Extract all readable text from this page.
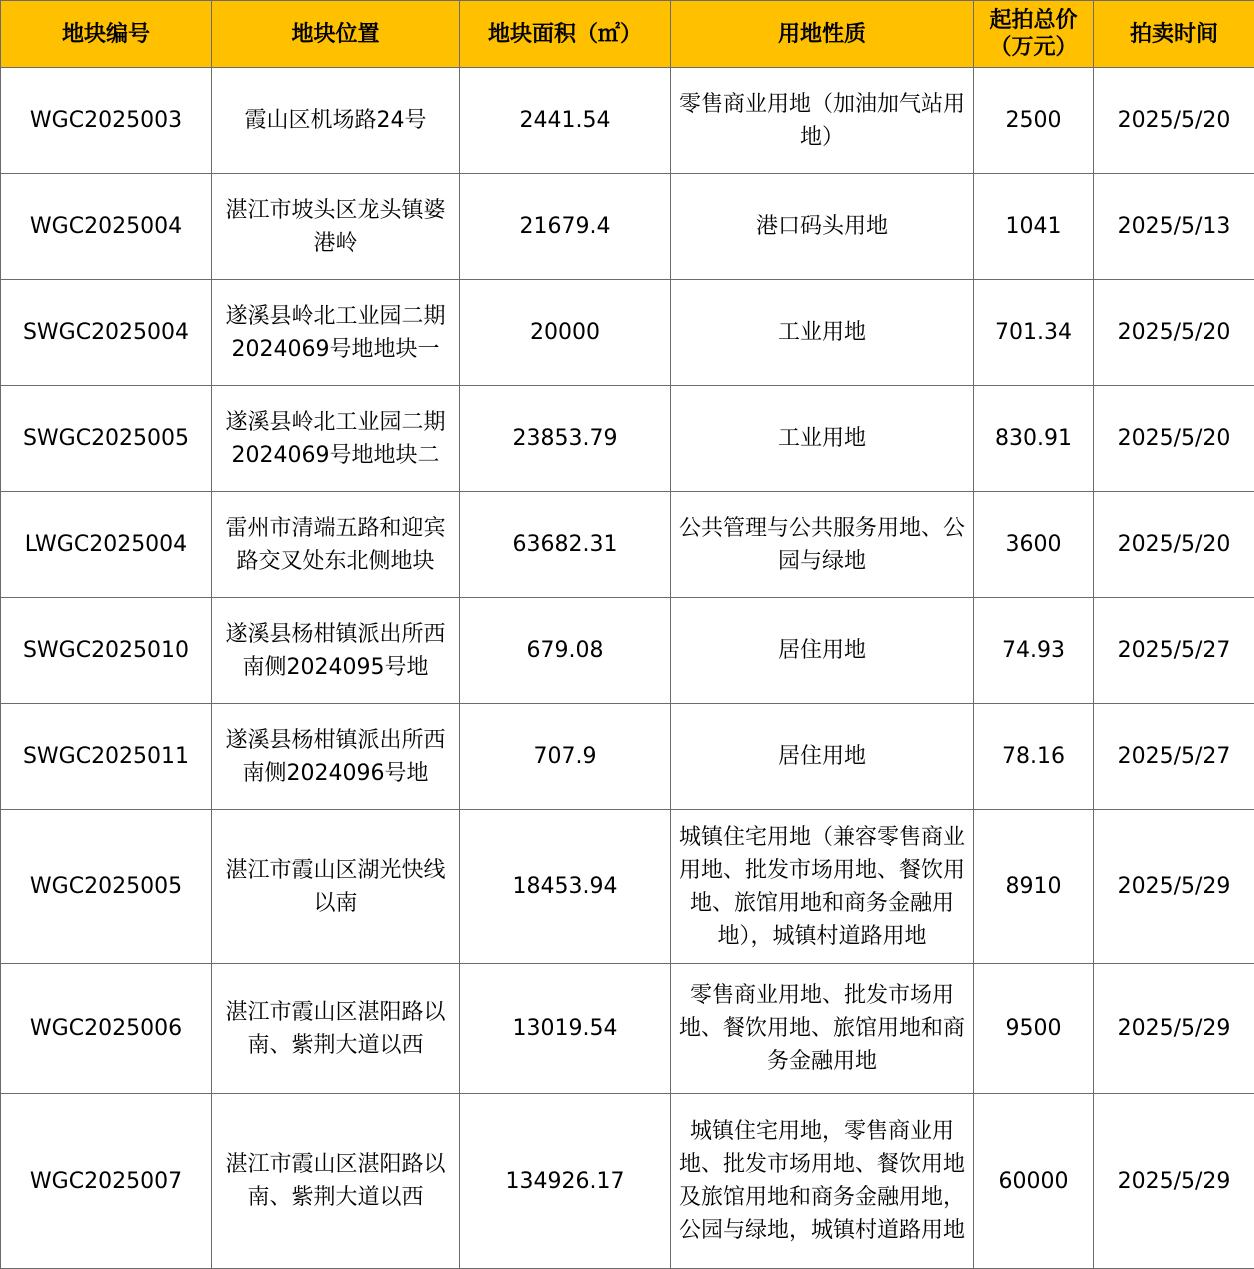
地块编号	地块位置	地块面积（㎡）	用地性质	起拍总价（万元）	拍卖时间
WGC2025003	霞山区机场路24号	2441.54	零售商业用地（加油加气站用地）	2500	2025/5/20
WGC2025004	湛江市坡头区龙头镇婆港岭	21679.4	港口码头用地	1041	2025/5/13
SWGC2025004	遂溪县岭北工业园二期2024069号地地块一	20000	工业用地	701.34	2025/5/20
SWGC2025005	遂溪县岭北工业园二期2024069号地地块二	23853.79	工业用地	830.91	2025/5/20
LWGC2025004	雷州市清端五路和迎宾路交叉处东北侧地块	63682.31	公共管理与公共服务用地、公园与绿地	3600	2025/5/20
SWGC2025010	遂溪县杨柑镇派出所西南侧2024095号地	679.08	居住用地	74.93	2025/5/27
SWGC2025011	遂溪县杨柑镇派出所西南侧2024096号地	707.9	居住用地	78.16	2025/5/27
WGC2025005	湛江市霞山区湖光快线以南	18453.94	城镇住宅用地（兼容零售商业用地、批发市场用地、餐饮用地、旅馆用地和商务金融用地），城镇村道路用地	8910	2025/5/29
WGC2025006	湛江市霞山区湛阳路以南、紫荆大道以西	13019.54	零售商业用地、批发市场用地、餐饮用地、旅馆用地和商务金融用地	9500	2025/5/29
WGC2025007	湛江市霞山区湛阳路以南、紫荆大道以西	134926.17	城镇住宅用地，零售商业用地、批发市场用地、餐饮用地及旅馆用地和商务金融用地，公园与绿地，城镇村道路用地	60000	2025/5/29
